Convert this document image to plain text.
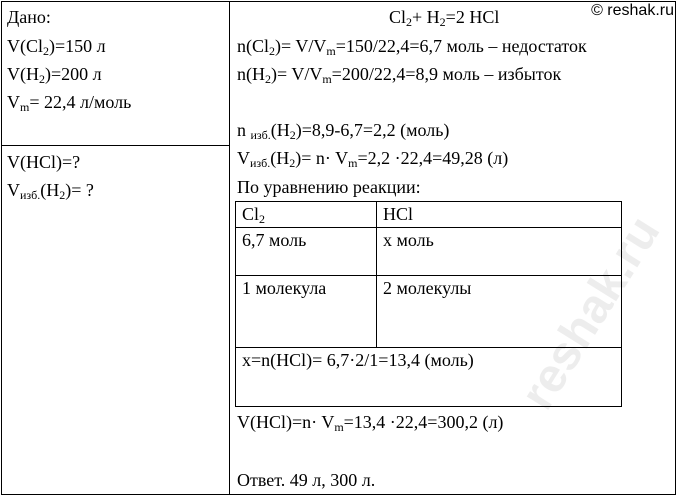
© reshak.ru
reshak.ru
Дано:
$V(Cl_2)=150$ л
$V(H_2)=200$ л
$V_m= 22,4$ л/моль
V(HCl)=?
$V_{изб.}(H_2)=$ ?
$Cl_2+ H_2=2$ HCl
$n(Cl_2)= V/V_m=150/22,4=6,7$ моль – недостаток
$n(H_2)= V/V_m=200/22,4=8,9$ моль – избыток
n $_{изб.}(H_2)=8,9-6,7=2,2$ (моль)
$V_{изб.}(H_2)= n\cdot V_m=2,2 \cdot 22,4=49,28$ (л)
По уравнению реакции:
$Cl_2$	HCl
6,7 моль	x моль
1 молекула	2 молекулы
x=n(HCl)= 6,7·2/1=13,4 (моль)	
$V(HCl)=n\cdot V_m=13,4 \cdot 22,4=300,2$ (л)
Ответ. 49 л, 300 л.
